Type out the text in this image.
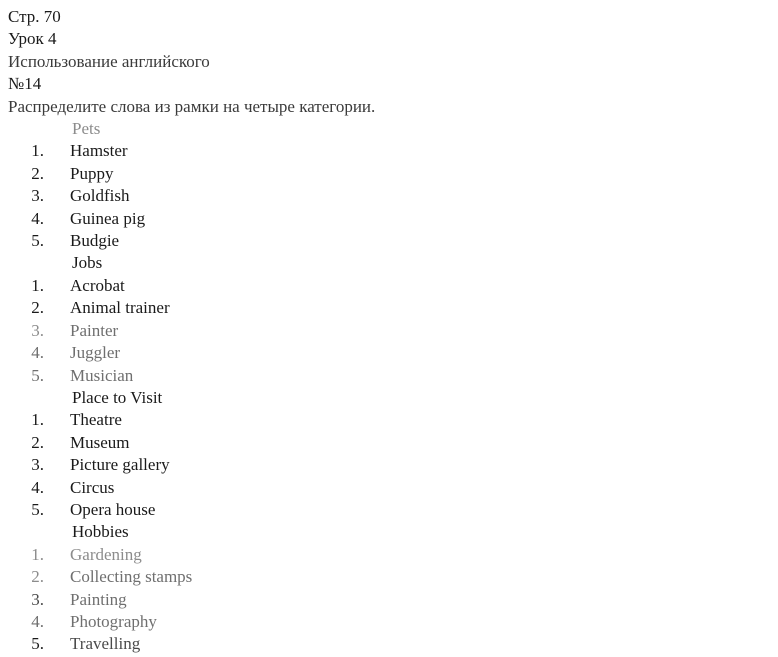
Стр. 70
Урок 4
Использование английского
№14
Распределите слова из рамки на четыре категории.
Pets
1. Hamster
2. Puppy
3. Goldfish
4. Guinea pig
5. Budgie
Jobs
1. Acrobat
2. Animal trainer
3. Painter
4. Juggler
5. Musician
Place to Visit
1. Theatre
2. Museum
3. Picture gallery
4. Circus
5. Opera house
Hobbies
1. Gardening
2. Collecting stamps
3. Painting
4. Photography
5. Travelling
